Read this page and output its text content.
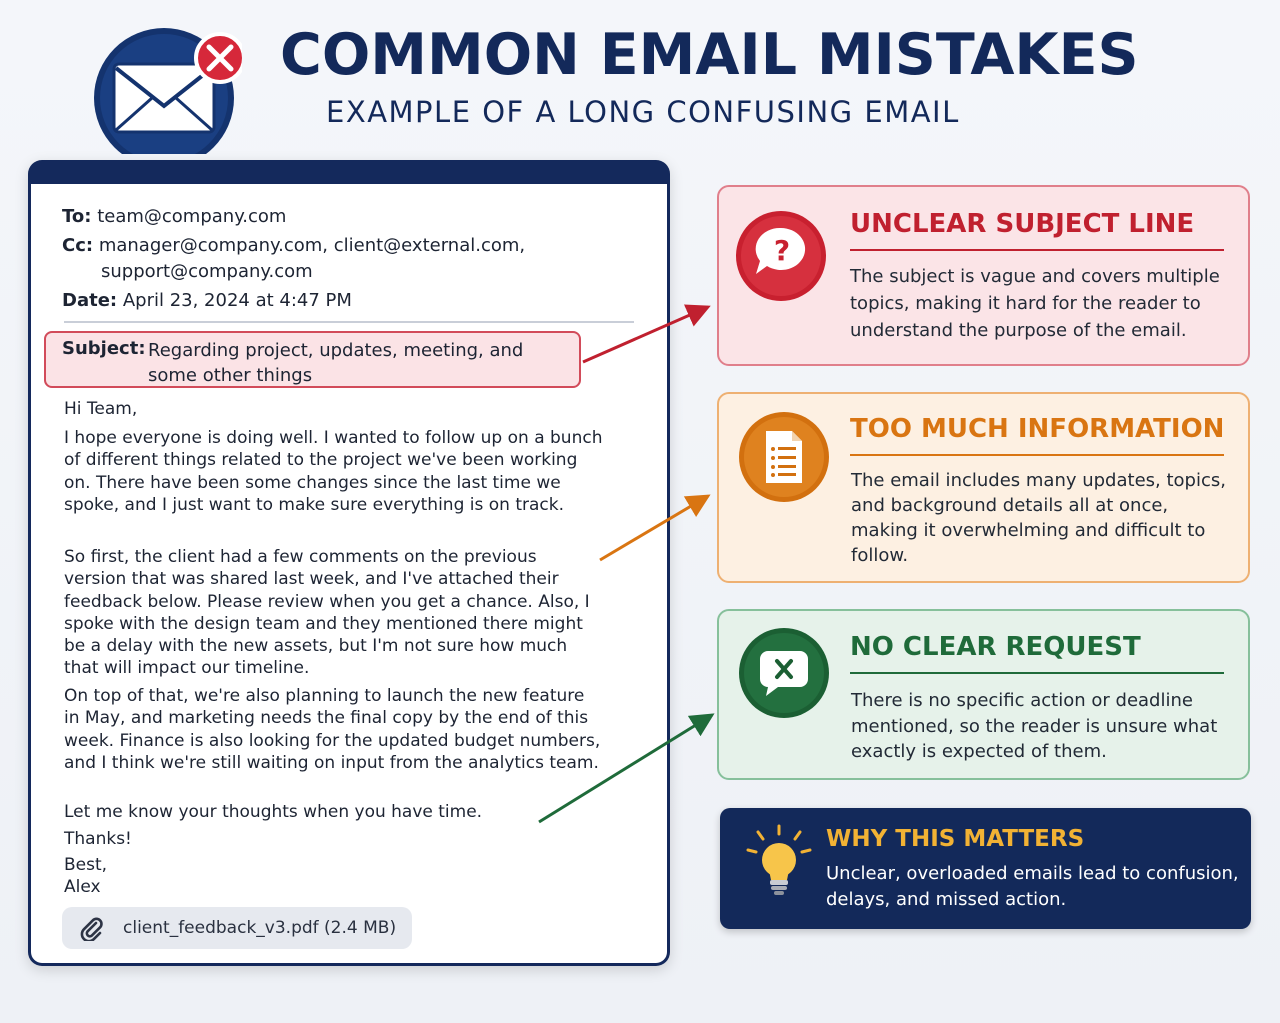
COMMON EMAIL MISTAKES
EXAMPLE OF A LONG CONFUSING EMAIL
To: team@company.com
Cc: manager@company.com, client@external.com,
support@company.com
Date: April 23, 2024 at 4:47 PM
Subject: Regarding project, updates, meeting, and some other things
Hi Team,
I hope everyone is doing well. I wanted to follow up on a bunch of different things related to the project we've been working on. There have been some changes since the last time we spoke, and I just want to make sure everything is on track.
So first, the client had a few comments on the previous version that was shared last week, and I've attached their feedback below. Please review when you get a chance. Also, I spoke with the design team and they mentioned there might be a delay with the new assets, but I'm not sure how much that will impact our timeline.
On top of that, we're also planning to launch the new feature in May, and marketing needs the final copy by the end of this week. Finance is also looking for the updated budget numbers, and I think we're still waiting on input from the analytics team.
Let me know your thoughts when you have time.
Thanks!
Best,
Alex
client_feedback_v3.pdf (2.4 MB)
?
UNCLEAR SUBJECT LINE
The subject is vague and covers multiple topics, making it hard for the reader to understand the purpose of the email.
TOO MUCH INFORMATION
The email includes many updates, topics, and background details all at once, making it overwhelming and difficult to follow.
NO CLEAR REQUEST
There is no specific action or deadline mentioned, so the reader is unsure what exactly is expected of them.
WHY THIS MATTERS
Unclear, overloaded emails lead to confusion, delays, and missed action.
